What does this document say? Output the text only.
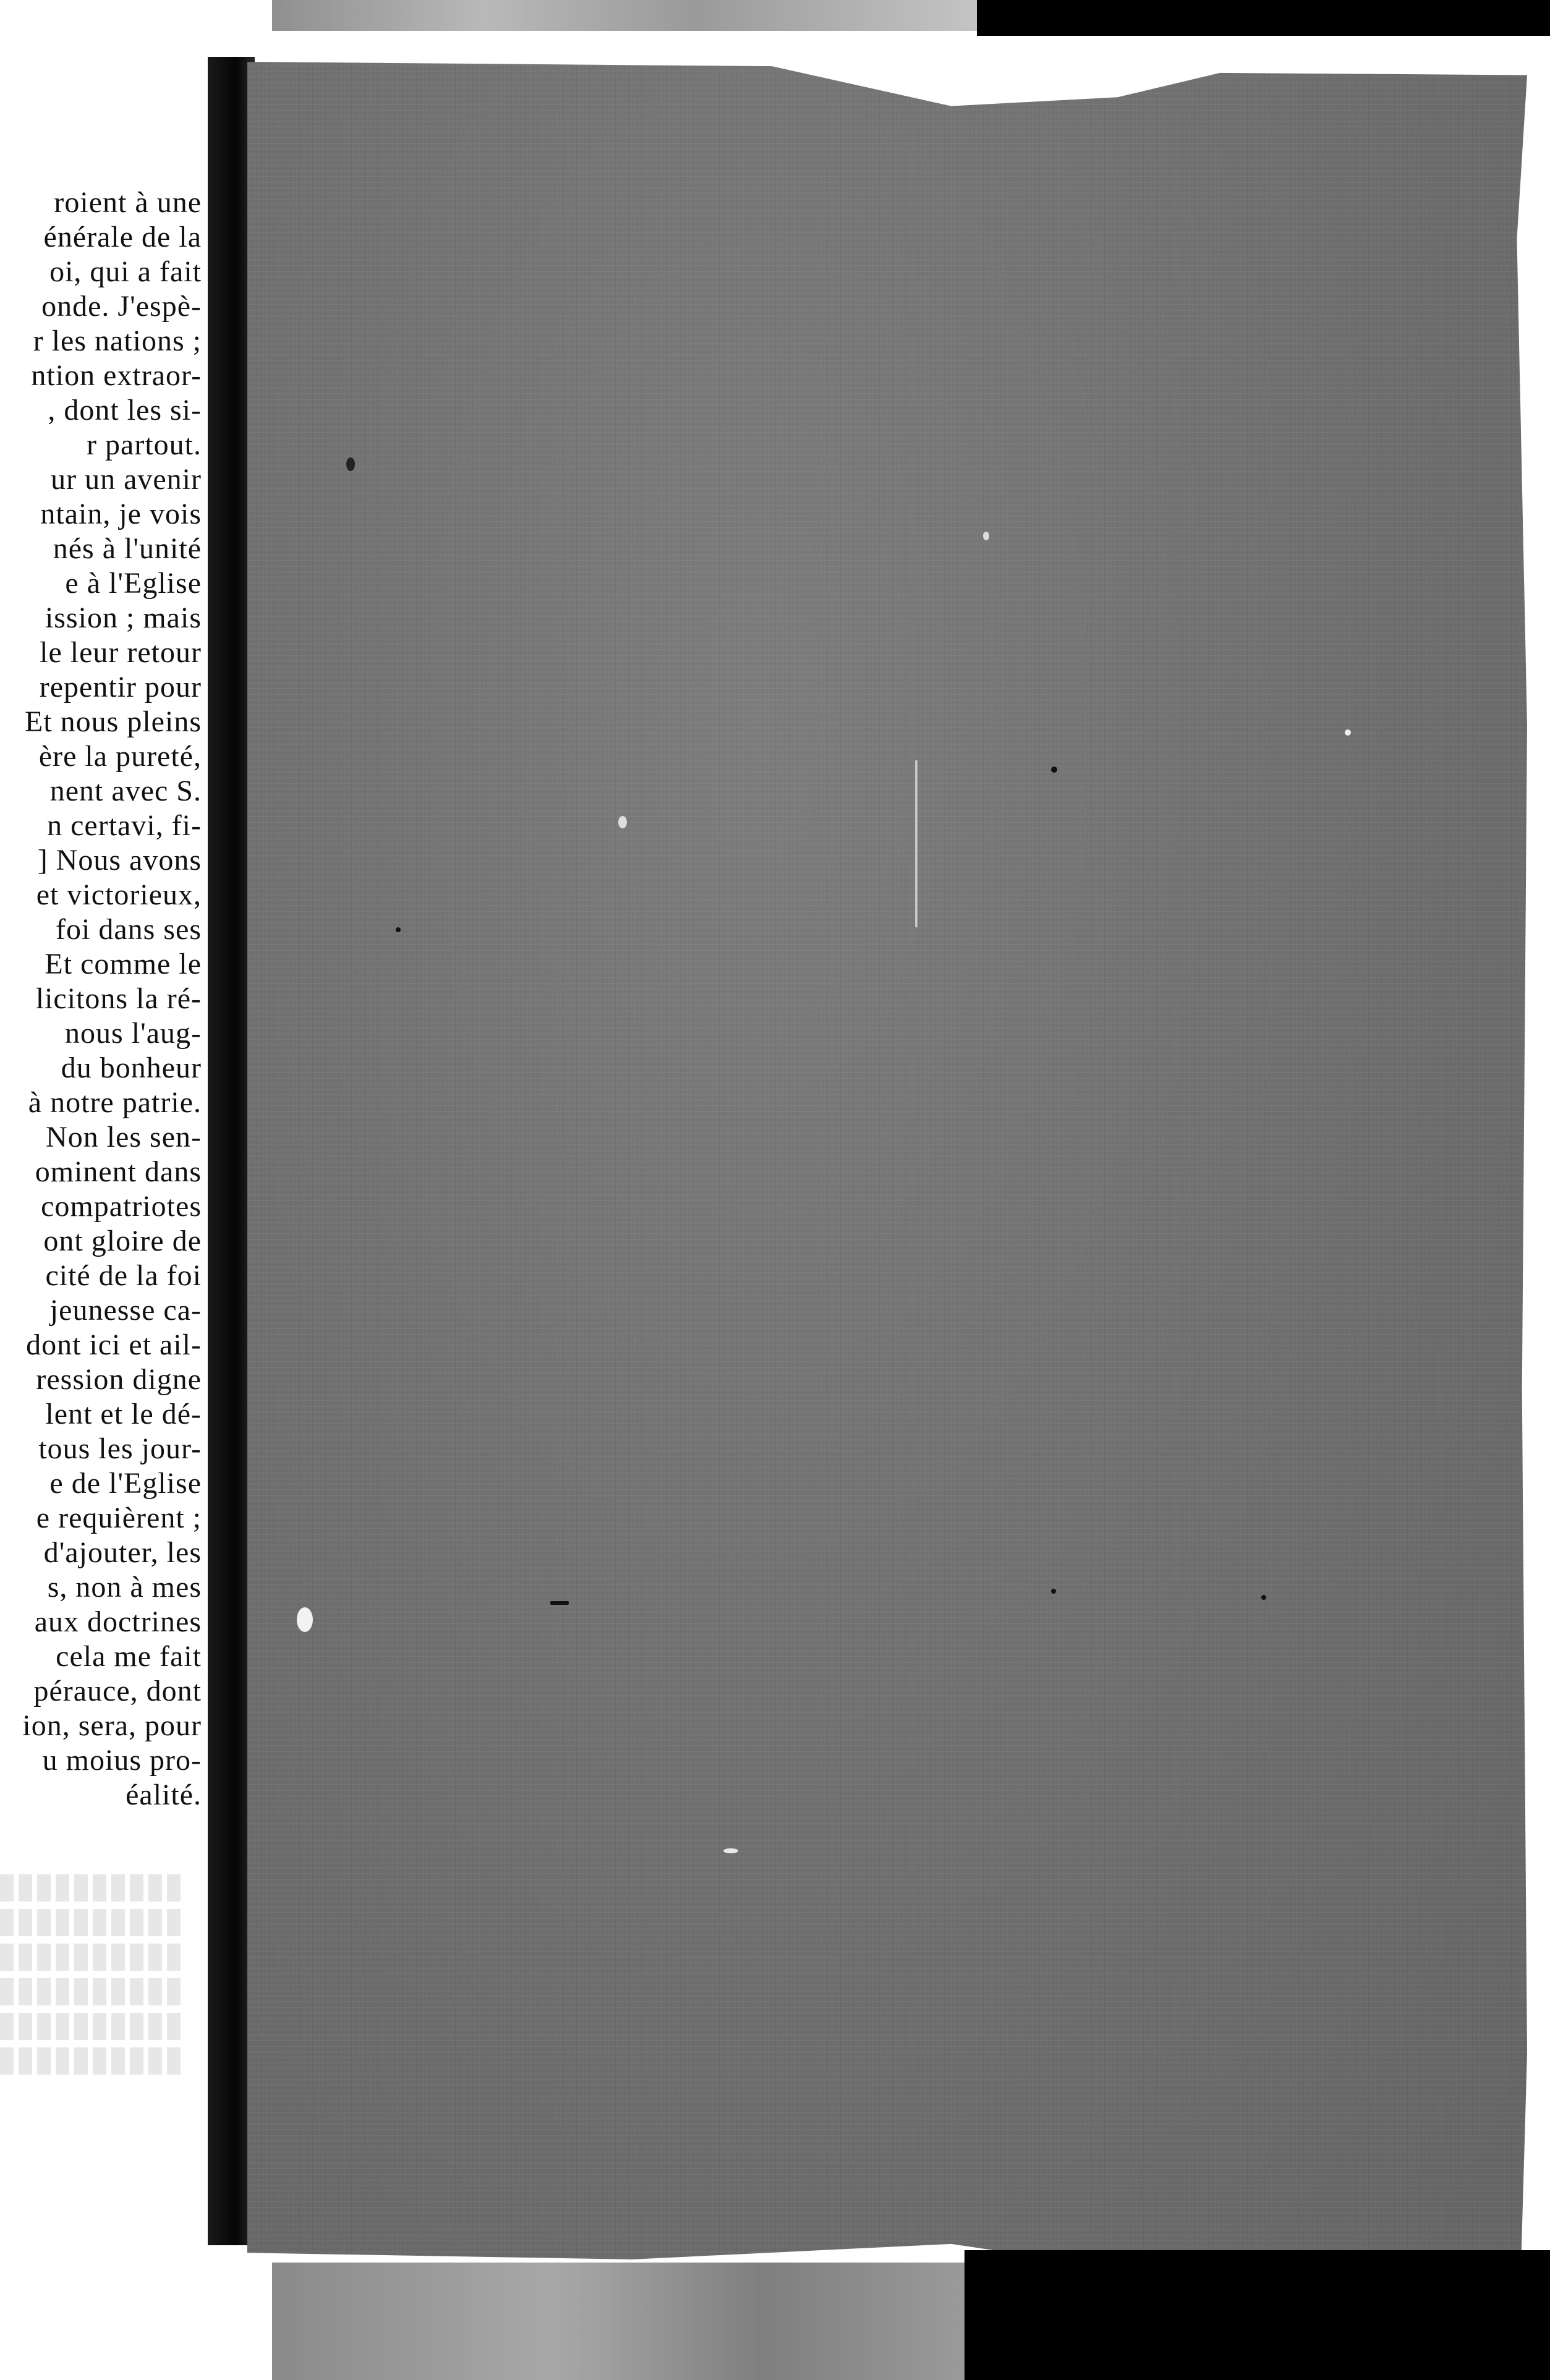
roient à une
énérale de la
oi, qui a fait
onde. J'espè-
r les nations ;
ntion extraor-
, dont les si-
r partout.
ur un avenir
ntain, je vois
nés à l'unité
e à l'Eglise
ission ; mais
le leur retour
repentir pour
Et nous pleins
ère la pureté,
nent avec S.
n certavi, fi-
] Nous avons
et victorieux,
foi dans ses
Et comme le
licitons la ré-
nous l'aug-
du bonheur
à notre patrie.
Non les sen-
ominent dans
compatriotes
ont gloire de
cité de la foi
jeunesse ca-
dont ici et ail-
ression digne
lent et le dé-
tous les jour-
e de l'Eglise
e requièrent ;
d'ajouter, les
s, non à mes
aux doctrines
cela me fait
péraucе, dont
ion, sera, pour
u moius pro-
éalité.
